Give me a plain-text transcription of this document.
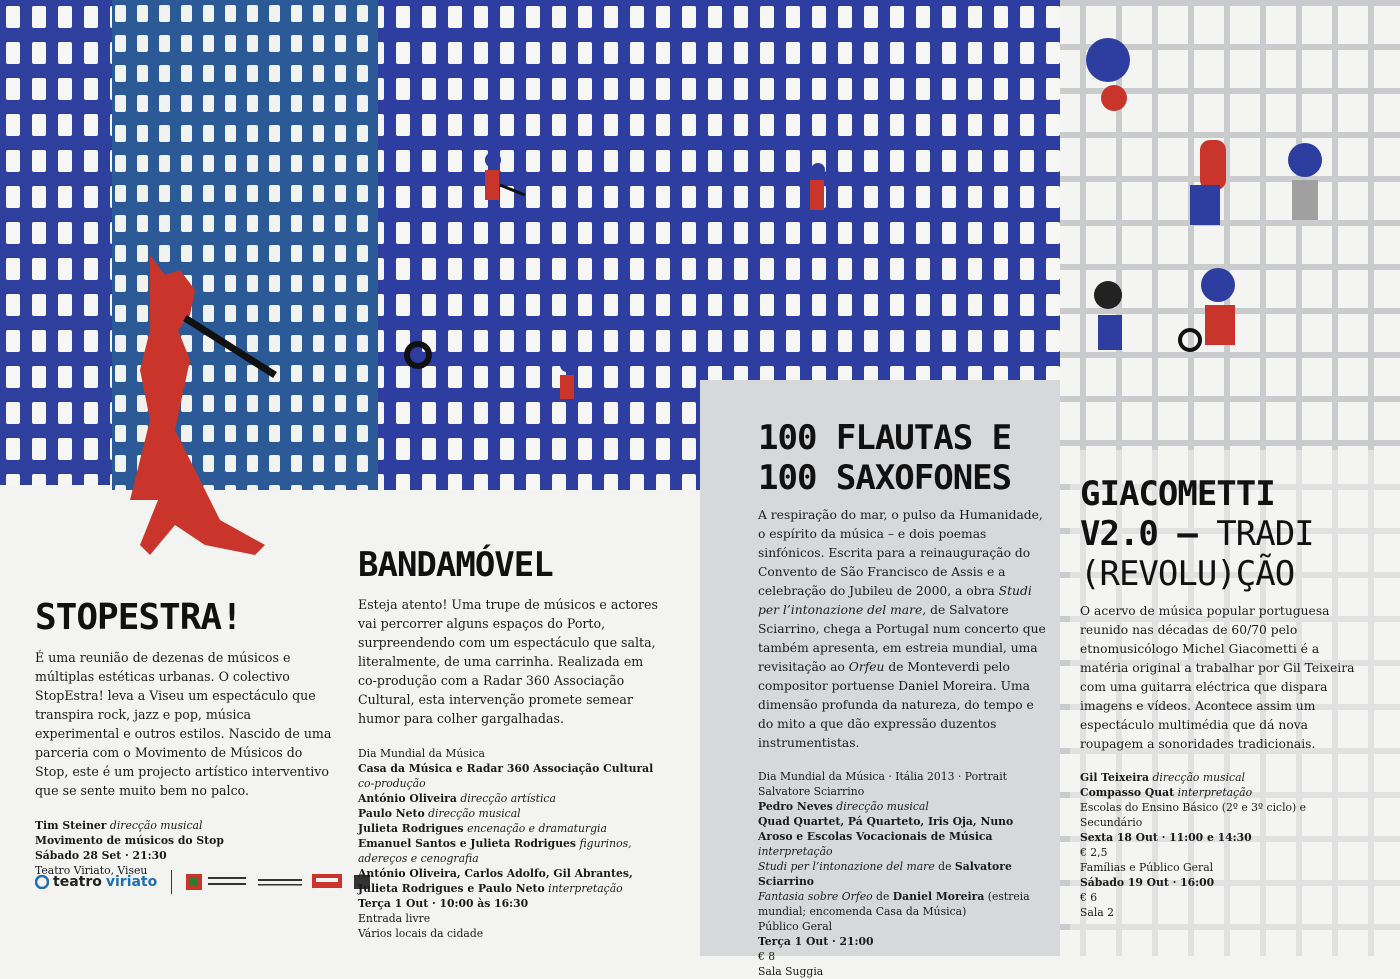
STOPESTRA!

É uma reunião de dezenas de músicos e múltiplas estéticas urbanas. O colectivo StopEstra! leva a Viseu um espectáculo que transpira rock, jazz e pop, música experimental e outros estilos. Nascido de uma parceria com o Movimento de Músicos do Stop, este é um projecto artístico interventivo que se sente muito bem no palco.

Tim Steiner direcção musical
Movimento de músicos do Stop
Sábado 28 Set · 21:30
Teatro Viriato, Viseu
teatro viriato
BANDAMÓVEL

Esteja atento! Uma trupe de músicos e actores vai percorrer alguns espaços do Porto, surpreendendo com um espectáculo que salta, literalmente, de uma carrinha. Realizada em co-produção com a Radar 360 Associação Cultural, esta intervenção promete semear humor para colher gargalhadas.

Dia Mundial da Música
Casa da Música e Radar 360 Associação Cultural co-produção
António Oliveira direcção artística
Paulo Neto direcção musical
Julieta Rodrigues encenação e dramaturgia
Emanuel Santos e Julieta Rodrigues figurinos, adereços e cenografia
António Oliveira, Carlos Adolfo, Gil Abrantes, Julieta Rodrigues e Paulo Neto interpretação
Terça 1 Out · 10:00 às 16:30
Entrada livre
Vários locais da cidade
100 FLAUTAS E
100 SAXOFONES

A respiração do mar, o pulso da Humanidade, o espírito da música – e dois poemas sinfónicos. Escrita para a reinauguração do Convento de São Francisco de Assis e a celebração do Jubileu de 2000, a obra Studi per l’intonazione del mare, de Salvatore Sciarrino, chega a Portugal num concerto que também apresenta, em estreia mundial, uma revisitação ao Orfeu de Monteverdi pelo compositor portuense Daniel Moreira. Uma dimensão profunda da natureza, do tempo e do mito a que dão expressão duzentos instrumentistas.

Dia Mundial da Música · Itália 2013 · Portrait Salvatore Sciarrino
Pedro Neves direcção musical
Quad Quartet, Pá Quarteto, Iris Oja, Nuno Aroso e Escolas Vocacionais de Música interpretação
Studi per l’intonazione del mare de Salvatore Sciarrino
Fantasia sobre Orfeo de Daniel Moreira (estreia mundial; encomenda Casa da Música)
Público Geral
Terça 1 Out · 21:00
€ 8
Sala Suggia
GIACOMETTI
V2.0 – TRADI
(REVOLU)ÇÃO

O acervo de música popular portuguesa reunido nas décadas de 60/70 pelo etnomusicólogo Michel Giacometti é a matéria original a trabalhar por Gil Teixeira com uma guitarra eléctrica que dispara imagens e vídeos. Acontece assim um espectáculo multimédia que dá nova roupagem a sonoridades tradicionais.

Gil Teixeira direcção musical
Compasso Quat interpretação
Escolas do Ensino Básico (2º e 3º ciclo) e Secundário
Sexta 18 Out · 11:00 e 14:30
€ 2,5
Famílias e Público Geral
Sábado 19 Out · 16:00
€ 6
Sala 2
